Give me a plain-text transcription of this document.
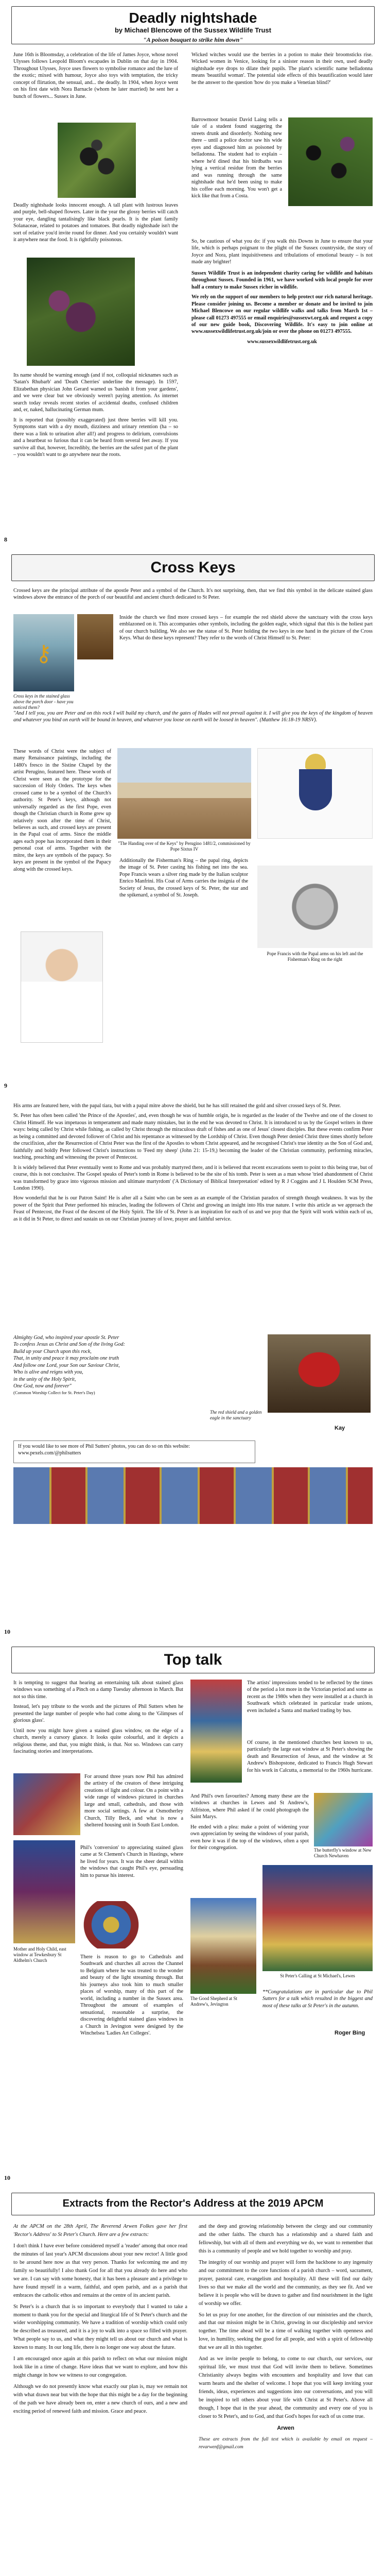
Deadly nightshade
by Michael Blencowe of the Sussex Wildlife Trust
"A poison bouquet to strike him down"

June 16th is Bloomsday, a celebration of the life of James Joyce, whose novel Ulysses follows Leopold Bloom's escapades in Dublin on that day in 1904. Throughout Ulysses, Joyce uses flowers to symbolise romance and the lure of the exotic; mixed with humour, Joyce also toys with temptation, the tricky concept of flirtation, the sensual, and... the deadly. In 1904, when Joyce went on his first date with Nora Barnacle (whom he later married) he sent her a bunch of flowers... Sussex in June.

Deadly nightshade looks innocent enough. A tall plant with lustrous leaves and purple, bell-shaped flowers. Later in the year the glossy berries will catch your eye, dangling tantalisingly like black pearls. It is the plant family Solanaceae, related to potatoes and tomatoes. But deadly nightshade isn't the sort of relative you'd invite round for dinner. And you certainly wouldn't want it anywhere near the food. It is rightfully poisonous.

Its name should be warning enough (and if not, colloquial nicknames such as 'Satan's Rhubarb' and 'Death Cherries' underline the message). In 1597, Elizabethan physician John Gerard warned us 'banish it from your gardens', and we were clear but we obviously weren't paying attention. As internet search today reveals recent stories of accidental deaths, confused children and, er, naked, hallucinating German mum.

It is reported that (possibly exaggerated) just three berries will kill you. Symptoms start with a dry mouth, dizziness and urinary retention (ha – so there was a link to urination after all!) and progress to delirium, convulsions and a heartbeat so furious that it can be heard from several feet away. If you survive all that, however, Incredibly, the berries are the safest part of the plant – you wouldn't want to go anywhere near the roots.

Wicked witches would use the berries in a potion to make their broomsticks rise. Wicked women in Venice, looking for a sinister reason in their own, used deadly nightshade eye drops to dilate their pupils. The plant's scientific name belladonna means 'beautiful woman'. The potential side effects of this beautification would later be the answer to the question 'how do you make a Venetian blind?'

Barrowmoor botanist David Laing tells a tale of a student found staggering the streets drunk and disorderly. Nothing new there – until a police doctor saw his wide eyes and diagnosed him as poisoned by belladonna. The student had to explain – where he'd dined that his birdbaths was lying a vertical residue from the berries and was running through the same nightshade that he'd been using to make his coffee each morning. You won't get a kick like that from a Costa.

So, be cautious of what you do: if you walk this Downs in June to ensure that your life, which is perhaps poignant to the plight of the Sussex countryside, the story of Joyce and Nora, plant inquisitiveness and tribulations of emotional beauty – is not made any brighter!

Sussex Wildlife Trust is an independent charity caring for wildlife and habitats throughout Sussex. Founded in 1961, we have worked with local people for over half a century to make Sussex richer in wildlife.

We rely on the support of our members to help protect our rich natural heritage. Please consider joining us. Become a member or donate and be invited to join Michael Blencowe on our regular wildlife walks and talks from March 1st – please call 01273 497555 or email enquiries@sussexwt.org.uk and request a copy of our new guide book, Discovering Wildlife. It's easy to join online at www.sussexwildlifetrust.org.uk/join or over the phone on 01273 497555.

www.sussexwildlifetrust.org.uk

8
Cross Keys

Crossed keys are the principal attribute of the apostle Peter and a symbol of the Church. It's not surprising, then, that we find this symbol in the delicate stained glass windows above the entrance of the porch of our beautiful and ancient church dedicated to St Peter.

⚷
Cross keys in the stained glass above the porch door - have you noticed them?

Inside the church we find more crossed keys – for example the red shield above the sanctuary with the cross keys emblazoned on it. This accompanies other symbols, including the golden eagle, which signal that this is the holiest part of our church building. We also see the statue of St. Peter holding the two keys in one hand in the picture of the Cross Keys. What do these keys represent? They refer to the words of Christ Himself to St. Peter:

"And I tell you, you are Peter and on this rock I will build my church, and the gates of Hades will not prevail against it. I will give you the keys of the kingdom of heaven and whatever you bind on earth will be bound in heaven, and whatever you loose on earth will be loosed in heaven". (Matthew 16:18-19 NRSV).

These words of Christ were the subject of many Renaissance paintings, including the 1480's fresco in the Sistine Chapel by the artist Perugino, featured here. These words of Christ were seen as the prototype for the succession of Holy Orders. The keys when crossed came to be a symbol of the Church's authority. St Peter's keys, although not universally regarded as the first Pope, even though the Christian church in Rome grew up relatively soon after the time of Christ, believes as such, and crossed keys are present in the Papal coat of arms. Since the middle ages each pope has incorporated them in their personal coat of arms. Together with the mitre, the keys are symbols of the papacy. So keys are present in the symbol of the Papacy along with the crossed keys.

"The Handing over of the Keys" by Perugino 1481/2, commissioned by Pope Sixtus IV

Additionally the Fisherman's Ring – the papal ring, depicts the image of St. Peter casting his fishing net into the sea. Pope Francis wears a silver ring made by the Italian sculptor Enrico Manfrini. His Coat of Arms carries the insignia of the Society of Jesus, the crossed keys of St. Peter, the star and the spikenard, a symbol of St. Joseph.

Pope Francis with the Papal arms on his left and the Fisherman's Ring on the right
9

His arms are featured here, with the papal tiara, but with a papal mitre above the shield, but he has still retained the gold and silver crossed keys of St. Peter.

St. Peter has often been called 'the Prince of the Apostles', and, even though he was of humble origin, he is regarded as the leader of the Twelve and one of the closest to Christ Himself. He was impetuous in temperament and made many mistakes, but in the end he was devoted to Christ. It is introduced to us by the Gospel writers in three ways: being called by Christ while fishing, as called by Christ through the miraculous draft of fishes and as one of Jesus' closest disciples. But these events confirm Peter as being a committed and devoted follower of Christ and his repentance as witnessed by the Lordship of Christ. Even though Peter denied Christ three times shortly before the crucifixion, after the Resurrection of Christ Peter was the first of the Apostles to whom Christ appeared, and he recognised Christ's true identity as the Son of God and, faithfully and boldly Peter followed Christ's instructions to 'Feed my sheep' (John 21: 15-19,) becoming the leader of the Christian community, performing miracles, teaching, preaching and witnessing the power of Pentecost.

It is widely believed that Peter eventually went to Rome and was probably martyred there, and it is believed that recent excavations seem to point to this being true, but of course, this is not conclusive. The Gospel speaks of Peter's tomb in Rome is believed to be the site of his tomb. Peter is seen as a man whose 'tried abandonment of Christ was transformed by grace into vigorous mission and ultimate martyrdom' ('A Dictionary of Biblical Interpretation' edited by R J Coggins and J L Houlden SCM Press, London 1990).

How wonderful that he is our Patron Saint! He is after all a Saint who can be seen as an example of the Christian paradox of strength though weakness. It was by the power of the Spirit that Peter performed his miracles, leading the followers of Christ and growing an insight into His true nature. I write this article as we approach the Feast of Pentecost, the Feast of the descent of the Holy Spirit. The life of St. Peter is an inspiration for each of us and we pray that the Spirit will work within each of us, as it did in St Peter, to direct and sustain us on our Christian journey of love, prayer and faithful service.

Almighty God, who inspired your apostle St. Peter

To confess Jesus as Christ and Son of the living God:

Build up your Church upon this rock,

That, in unity and peace it may proclaim one truth

And follow one Lord, your Son our Saviour Christ,

Who is alive and reigns with you,

in the unity of the Holy Spirit,

One God, now and forever"

(Common Worship Collect for St. Peter's Day)

The red shield and a golden eagle in the sanctuary
Kay
If you would like to see more of Phil Sutters' photos, you can do so on this website:
www.pexels.com/@philsutters
10
Top talk

It is tempting to suggest that hearing an entertaining talk about stained glass windows was something of a Pinch on a damp Tuesday afternoon in March. But not so this time.

Instead, let's pay tribute to the words and the pictures of Phil Sutters when he presented the large number of people who had come along to the 'Glimpses of glorious glass'.

Until now you might have given a stained glass window, on the edge of a church, merely a cursory glance. It looks quite colourful, and it depicts a religious theme, and that, you might think, is that. Not so. Windows can carry fascinating stories and interpretations.

For around three years now Phil has admired the artistry of the creators of these intriguing creations of light and colour. On a point with a wide range of windows pictured in churches large and small, cathedrals, and those with more social settings. A few at Osmotherley Church, Tilly Beck, and what is now a sheltered housing unit in South East London.

Phil's 'conversion' to appreciating stained glass came at St Clement's Church in Hastings, where he lived for years. It was the sheer detail within the windows that caught Phil's eye, persuading him to pursue his interest.

Mother and Holy Child, east window at Tewkesbury St Aldhelm's Church

There is reason to go to Cathedrals and Southwark and churches all across the Channel to Belgium where he was treated to the wonder and beauty of the light streaming through. But his journeys also took him to much smaller places of worship, many of this part of the world, including a number in the Sussex area. Throughout the amount of examples of sensational, reasonable a surprise, the discovering delightful stained glass windows in a Church in Jevington were designed by the Winchelsea 'Ladies Art Colleges'.

The artists' impressions tended to be reflected by the times of the period a lot more in the Victorian period and some as recent as the 1980s when they were installed at a church in Southwark which celebrated in particular trade unions, even included a Santa and marked trading by bus.

Of course, in the mentioned churches best known to us, particularly the large east window at St Peter's showing the death and Resurrection of Jesus, and the window at St Andrew's Bishopstone, dedicated to Francis Hugh Stewart for his work in Calcutta, a memorial to the 1960s hurricane.

The butterfly's window at New Church Newhaven

And Phil's own favourites? Among many these are the windows at churches in Lewes and St Andrew's, Alfriston, where Phil asked if he could photograph the Saint Marys.

He ended with a plea: make a point of widening your own appreciation by seeing the windows of your parish, even how it was if the top of the windows, often a spot for their congregation.

St Peter's Calling at St Michael's, Lewes
The Good Shepherd at St Andrew's, Jevington

**Congratulations are in particular due to Phil Sutters for a talk which resulted in the biggest and most of these talks at St Peter's in the autumn.

Roger Bing
10
Extracts from the Rector's Address at the 2019 APCM

At the APCM on the 28th April, The Reverend Arwen Folkes gave her first 'Rector's Address' to St Peter's Church. Here are a few extracts:

I don't think I have ever before considered myself a 'reader' among that once read the minutes of last year's APCM discussions about your new rector! A little good to be around here now as that very person. Thanks for welcoming me and my family so beautifully! I also thank God for all that you already do here and who we are. I can say with some honesty, that it has been a pleasure and a privilege to have found myself in a warm, faithful, and open parish, and as a parish that embraces the catholic ethos and remains at the centre of its ancient parish.

St Peter's is a church that is so important to everybody that I wanted to take a moment to thank you for the special and liturgical life of St Peter's church and the wider worshipping community. We have a tradition of worship which could only be described as treasured, and it is a joy to walk into a space so filled with prayer. What people say to us, and what they might tell us about our church and what is known to many. In our long life, there is no longer one way about the future.

I am encouraged once again at this parish to reflect on what our mission might look like in a time of change. Have ideas that we want to explore, and how this might change in how we witness to our congregation.

Although we do not presently know what exactly our plan is, may we remain not with what drawn near but with the hope that this might be a day for the beginning of the path we have already been on, enter a new church of ours, and a new and exciting period of renewed faith and mission. Grace and peace.

and the deep and growing relationship between the clergy and our community and the other faiths. The church has a relationship and a shared faith and fellowship, but with all of them and everything we do, we want to remember that this is a community of people and we hold together to worship and pray.

The integrity of our worship and prayer will form the backbone to any ingenuity and our commitment to the core functions of a parish church – word, sacrament, prayer, pastoral care, evangelism and hospitality. All these will find our daily lives so that we make all the world and the community, as they see fit. And we believe it is people who will be drawn to gather and find nourishment in the light of worship we offer.

So let us pray for one another, for the direction of our ministries and the church, and that our mission might be in Christ, growing in our discipleship and service together. The time ahead will be a time of walking together with openness and love, in humility, seeking the good for all people, and with a spirit of fellowship that we are all in this together.

And as we invite people to belong, to come to our church, our services, our spiritual life, we must trust that God will invite them to believe. Sometimes Christianity always begins with encounters and hospitality and love that can warm hearts and the shelter of welcome. I hope that you will keep inviting your friends, ideas, experiences and suggestions into our conversations, and you will be inspired to tell others about your life with Christ at St Peter's. Above all though, I hope that in the year ahead, the community and every one of you is closer to St Peter's, and to God, and that God's hopes for each of us come true.

Arwen

These are extracts from the full text which is available by email on request – revarwenf@gmail.com
